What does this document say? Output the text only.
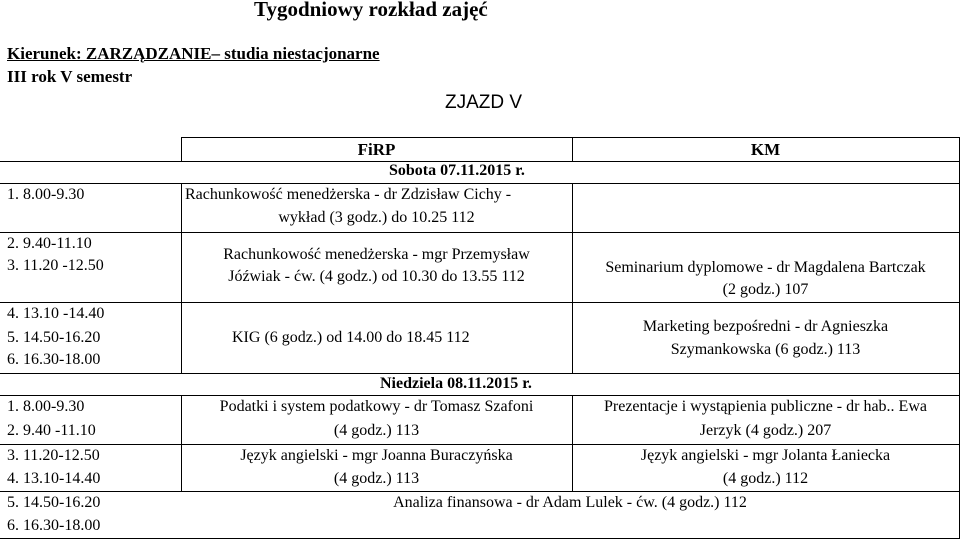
Tygodniowy rozkład zajęć
Kierunek: ZARZĄDZANIE– studia niestacjonarne
III rok V semestr
ZJAZD V
FiRP	KM
Sobota 07.11.2015 r.
1. 8.00-9.30
2. 9.40-11.10
3. 11.20 -12.50
4. 13.10 -14.40
5. 14.50-16.20
6. 16.30-18.00
Rachunkowość menedżerska - dr Zdzisław Cichy -
wykład (3 godz.) do 10.25 112
Rachunkowość menedżerska - mgr Przemysław
Jóźwiak - ćw. (4 godz.) od 10.30 do 13.55 112
KIG (6 godz.) od 14.00 do 18.45 112
Seminarium dyplomowe - dr Magdalena Bartczak
(2 godz.) 107
Marketing bezpośredni - dr Agnieszka
Szymankowska (6 godz.) 113
Niedziela 08.11.2015 r.
1. 8.00-9.30
2. 9.40 -11.10
3. 11.20-12.50
4. 13.10-14.40
5. 14.50-16.20
6. 16.30-18.00
Podatki i system podatkowy - dr Tomasz Szafoni
(4 godz.) 113
Język angielski - mgr Joanna Buraczyńska
(4 godz.) 113
Prezentacje i wystąpienia publiczne - dr hab.. Ewa
Jerzyk (4 godz.) 207
Język angielski - mgr Jolanta Łaniecka
(4 godz.) 112
Analiza finansowa - dr Adam Lulek - ćw. (4 godz.) 112
